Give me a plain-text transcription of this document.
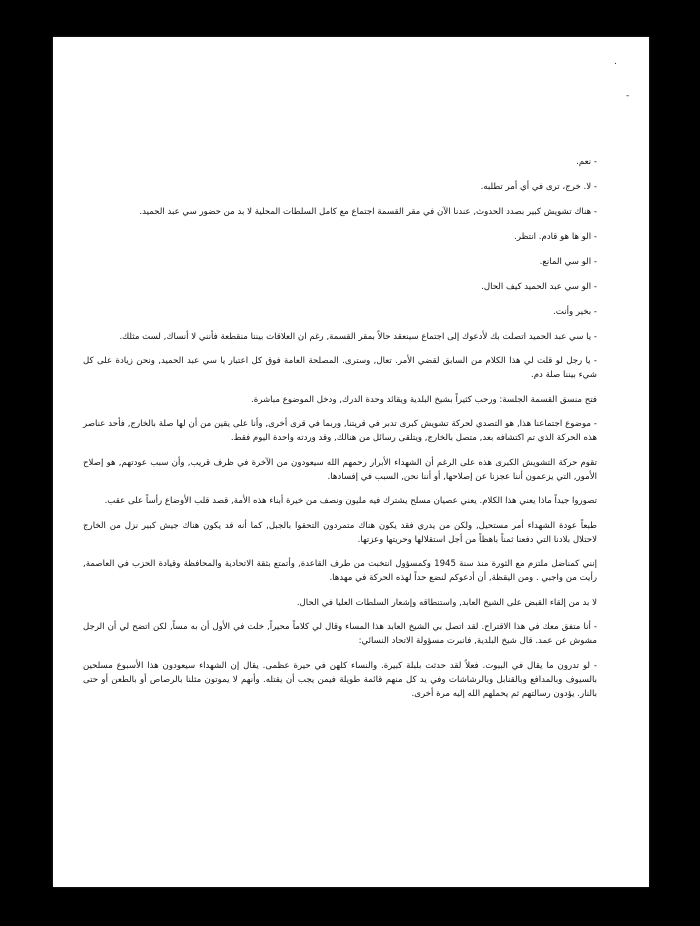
.
-

- نعم.

- لا. خرج، ترى في أي أمر تطلبه.

- هناك تشويش كبير بصدد الحدوث, عندنا الآن في مقر القسمة اجتماع مع كامل السلطات المحلية لا بد من حضور سي عبد الحميد.

- الو ها هو قادم. انتظر.

- الو سي المانع.

- الو سي عبد الحميد كيف الحال.

- بخير وأنت.

- يا سي عبد الحميد اتصلت بك لأدعوك إلى اجتماع سينعقد حالاً بمقر القسمة, رغم ان العلاقات بيننا منقطعة فأنني لا أنساك, لست مثلك.

- يا رجل لو قلت لي هذا الكلام من السابق لقضي الأمر. تعال, وسترى. المصلحة العامة فوق كل اعتبار يا سي عبد الحميد, ونحن زيادة على كل شيء بيننا صلة دم.

فتح منسق القسمة الجلسة: ورحب كثيراً بشيخ البلدية ويقائد وحدة الدرك, ودخل الموضوع مباشرة.

- موضوع اجتماعنا هذا, هو التصدي لحركة تشويش كبرى تدبر في قريتنا, وربما في قرى أخرى, وأنا على يقين من أن لها صلة بالخارج, فأحد عناصر هذه الحركة الذي تم اكتشافه بعد, متصل بالخارج, ويتلقى رسائل من هنالك, وقد وردته واحدة اليوم فقط.

تقوم حركة التشويش الكبرى هذه على الرغم أن الشهداء الأبرار رحمهم الله سيعودون من الآخرة في ظرف قريب, وأن سبب عودتهم, هو إصلاح الأمور, التي يزعمون أننا عجزنا عن إصلاحها, أو أننا نحن, السبب في إفسادها.

تصوروا جيداً ماذا يعني هذا الكلام. يعني عصيان مسلح يشترك فيه مليون ونصف من خيرة أبناء هذه الأمة, قصد قلب الأوضاع رأساً على عقب.

طبعاً عودة الشهداء أمر مستحيل, ولكن من يدري فقد يكون هناك متمردون التحقوا بالجبل, كما أنه قد يكون هناك جيش كبير نزل من الخارج لاحتلال بلادنا التي دفعنا ثمناً باهظاً من أجل استقلالها وحريتها وعزتها.

إنني كمناضل ملتزم مع الثورة منذ سنة 1945 وكمسؤول انتخبت من طرف القاعدة, وأتمتع بثقة الاتحادية والمحافظة وقيادة الحزب في العاصمة, رأيت من واجبي . ومن اليقظة, أن أدعوكم لنضع حداً لهذه الحركة في مهدها.

لا بد من إلقاء القبض على الشيخ العابد, واستنطاقه وإشعار السلطات العليا في الحال.

- أنا متفق معك في هذا الاقتراح. لقد اتصل بي الشيخ العابد هذا المساء وقال لي كلاماً محيراً, خلت في الأول أن به مساً, لكن اتضح لي أن الرجل مشوش عن عمد. قال شيخ البلدية, فانبرت مسؤولة الاتحاد النسائي:

- لو تدرون ما يقال في البيوت. فعلاً لقد حدثت بلبلة كبيرة. والنساء كلهن في حيرة عظمى. يقال إن الشهداء سيعودون هذا الأسبوع مسلحين بالسيوف وبالمدافع وبالقنابل وبالرشاشات وفي يد كل منهم قائمة طويلة فيمن يجب أن يقتله. وأنهم لا يموتون مثلنا بالرصاص أو بالطعن أو حتى بالنار. يؤدون رسالتهم ثم يحملهم الله إليه مرة أخرى.
